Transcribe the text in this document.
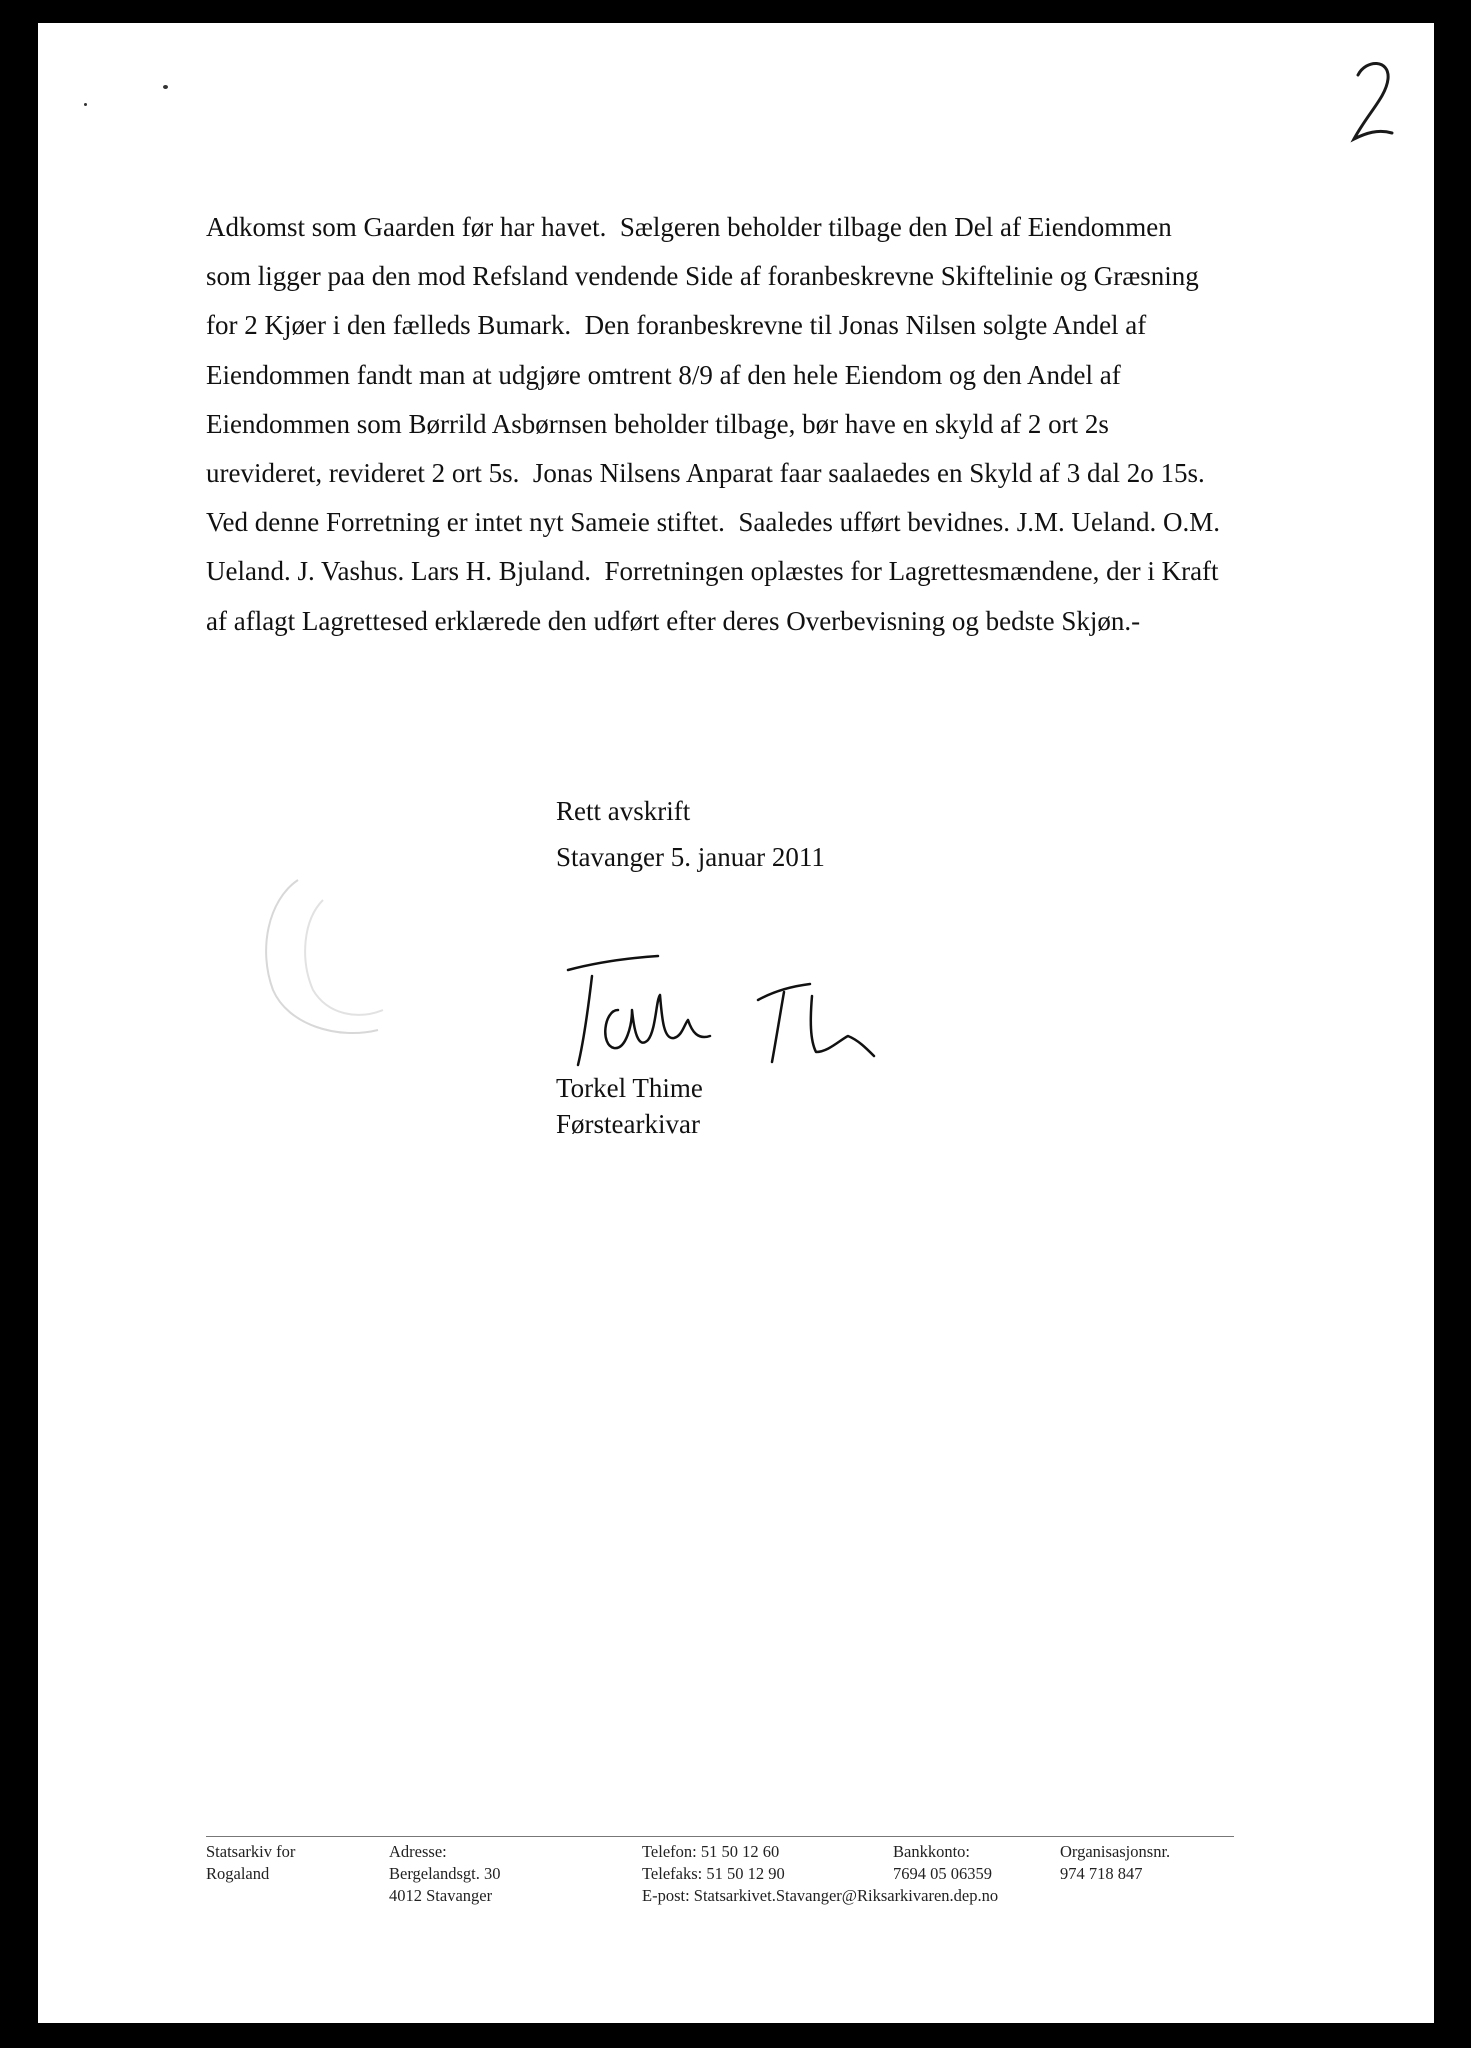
Adkomst som Gaarden før har havet.  Sælgeren beholder tilbage den Del af Eiendommen
som ligger paa den mod Refsland vendende Side af foranbeskrevne Skiftelinie og Græsning
for 2 Kjøer i den fælleds Bumark.  Den foranbeskrevne til Jonas Nilsen solgte Andel af
Eiendommen fandt man at udgjøre omtrent 8/9 af den hele Eiendom og den Andel af
Eiendommen som Børrild Asbørnsen beholder tilbage, bør have en skyld af 2 ort 2s
urevideret, revideret 2 ort 5s.  Jonas Nilsens Anparat faar saalaedes en Skyld af 3 dal 2o 15s.
Ved denne Forretning er intet nyt Sameie stiftet.  Saaledes ufført bevidnes. J.M. Ueland. O.M.
Ueland. J. Vashus. Lars H. Bjuland.  Forretningen oplæstes for Lagrettesmændene, der i Kraft
af aflagt Lagrettesed erklærede den udført efter deres Overbevisning og bedste Skjøn.-
Rett avskrift
Stavanger 5. januar 2011
Torkel Thime
Førstearkivar
Statsarkiv for
Rogaland
Adresse:
Bergelandsgt. 30
4012 Stavanger
Telefon: 51 50 12 60
Telefaks: 51 50 12 90
E-post: Statsarkivet.Stavanger@Riksarkivaren.dep.no
Bankkonto:
7694 05 06359
Organisasjonsnr.
974 718 847
